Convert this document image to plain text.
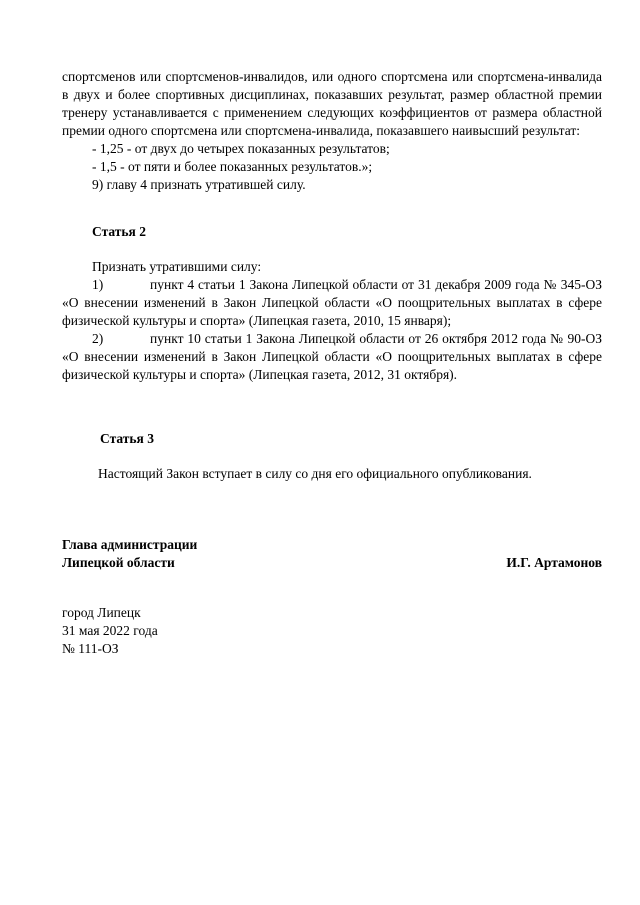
спортсменов или спортсменов-инвалидов, или одного спортсмена или спортсмена-инвалида в двух и более спортивных дисциплинах, показавших результат, размер областной премии тренеру устанавливается с применением следующих коэффициентов от размера областной премии одного спортсмена или спортсмена-инвалида, показавшего наивысший результат:

- 1,25 - от двух до четырех показанных результатов;

- 1,5 - от пяти и более показанных результатов.»;

9) главу 4 признать утратившей силу.

Статья 2

Признать утратившими силу:

1)	пункт 4 статьи 1 Закона Липецкой области от 31 декабря 2009 года № 345-ОЗ «О внесении изменений в Закон Липецкой области «О поощрительных выплатах в сфере физической культуры и спорта» (Липецкая газета, 2010, 15 января);

2)	пункт 10 статьи 1 Закона Липецкой области от 26 октября 2012 года № 90-ОЗ «О внесении изменений в Закон Липецкой области «О поощрительных выплатах в сфере физической культуры и спорта» (Липецкая газета, 2012, 31 октября).

Статья 3

Настоящий Закон вступает в силу со дня его официального опубликования.

Глава администрации

Липецкой области	И.Г. Артамонов

город Липецк

31 мая 2022 года

№ 111-ОЗ
